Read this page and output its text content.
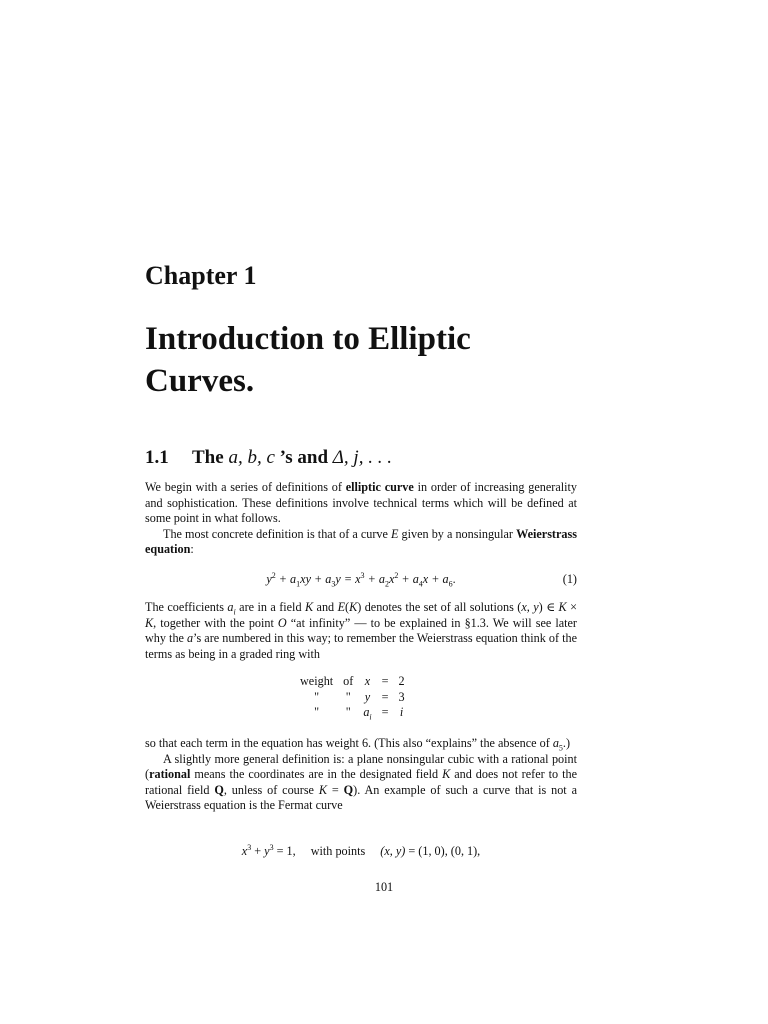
Chapter 1
Introduction to Elliptic Curves.
1.1 The a, b, c ’s and Δ, j, . . .

We begin with a series of definitions of elliptic curve in order of increasing generality and sophistication. These definitions involve technical terms which will be defined at some point in what follows.

The most concrete definition is that of a curve E given by a nonsingular Weierstrass equation:

$y^2 + a_1xy + a_3y = x^3 + a_2x^2 + a_4x + a_6$.	(1)

The coefficients $a_i$ are in a field K and E(K) denotes the set of all solutions (x, y) ∈ K × K, together with the point O “at infinity” — to be explained in §1.3. We will see later why the a’s are numbered in this way; to remember the Weierstrass equation think of the terms as being in a graded ring with

weight	of	x	=	2
"	"	y	=	3
"	"	$a_i$	=	i

so that each term in the equation has weight 6. (This also “explains” the absence of $a_5$.)

A slightly more general definition is: a plane nonsingular cubic with a rational point (rational means the coordinates are in the designated field K and does not refer to the rational field Q, unless of course K = Q). An example of such a curve that is not a Weierstrass equation is the Fermat curve

$x^3 + y^3 = 1$, with points (x, y) = (1, 0), (0, 1),
101
